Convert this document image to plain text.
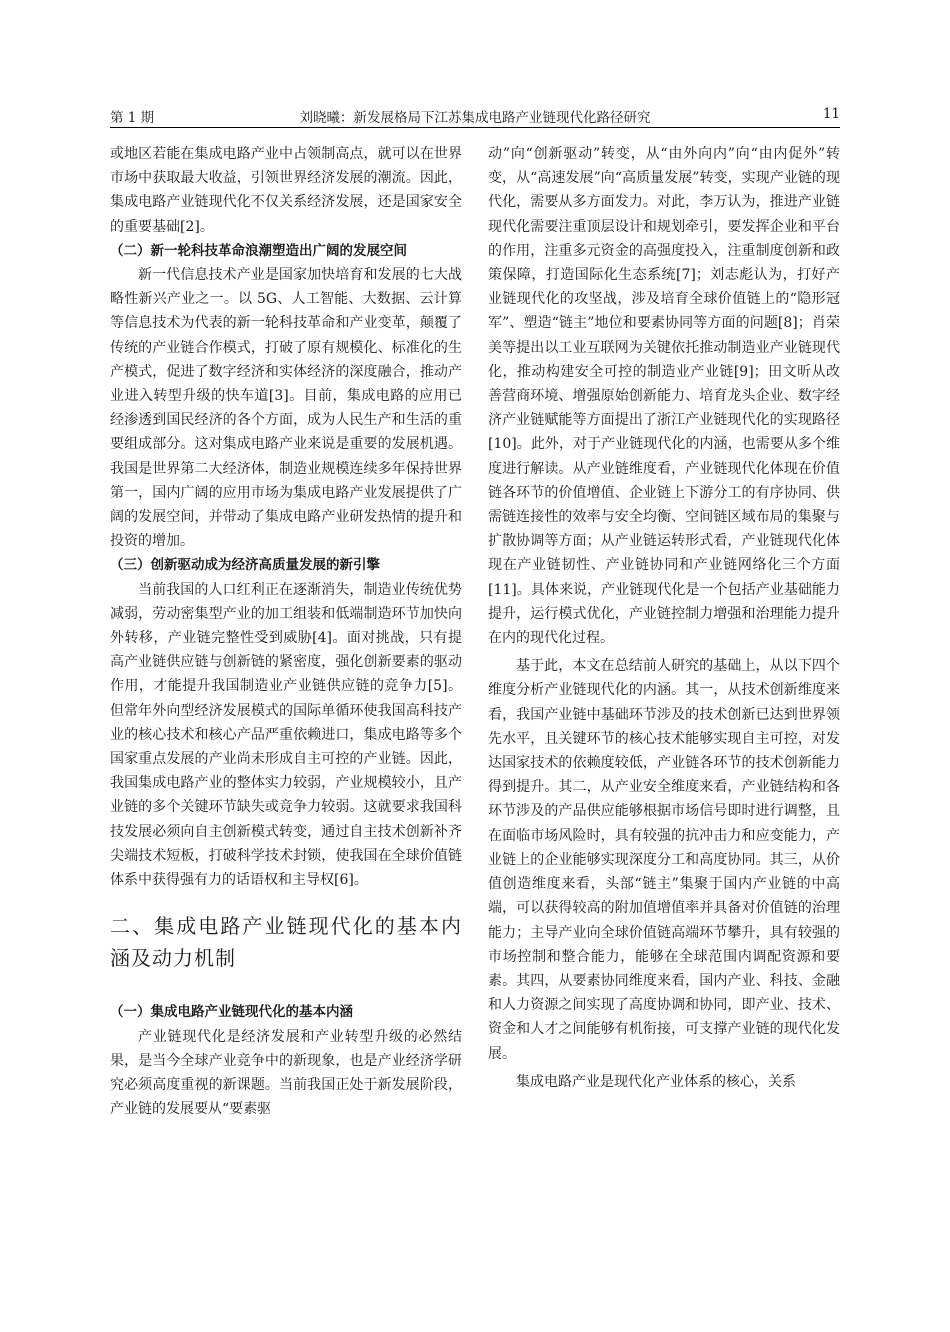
第 1 期	刘晓曦：新发展格局下江苏集成电路产业链现代化路径研究	11

或地区若能在集成电路产业中占领制高点，就可以在世界市场中获取最大收益，引领世界经济发展的潮流。因此，集成电路产业链现代化不仅关系经济发展，还是国家安全的重要基础[2]。

（二）新一轮科技革命浪潮塑造出广阔的发展空间

新一代信息技术产业是国家加快培育和发展的七大战略性新兴产业之一。以 5G、人工智能、大数据、云计算等信息技术为代表的新一轮科技革命和产业变革，颠覆了传统的产业链合作模式，打破了原有规模化、标准化的生产模式，促进了数字经济和实体经济的深度融合，推动产业进入转型升级的快车道[3]。目前，集成电路的应用已经渗透到国民经济的各个方面，成为人民生产和生活的重要组成部分。这对集成电路产业来说是重要的发展机遇。我国是世界第二大经济体，制造业规模连续多年保持世界第一，国内广阔的应用市场为集成电路产业发展提供了广阔的发展空间，并带动了集成电路产业研发热情的提升和投资的增加。

（三）创新驱动成为经济高质量发展的新引擎

当前我国的人口红利正在逐渐消失，制造业传统优势减弱，劳动密集型产业的加工组装和低端制造环节加快向外转移，产业链完整性受到威胁[4]。面对挑战，只有提高产业链供应链与创新链的紧密度，强化创新要素的驱动作用，才能提升我国制造业产业链供应链的竞争力[5]。但常年外向型经济发展模式的国际单循环使我国高科技产业的核心技术和核心产品严重依赖进口，集成电路等多个国家重点发展的产业尚未形成自主可控的产业链。因此，我国集成电路产业的整体实力较弱，产业规模较小，且产业链的多个关键环节缺失或竞争力较弱。这就要求我国科技发展必须向自主创新模式转变，通过自主技术创新补齐尖端技术短板，打破科学技术封锁，使我国在全球价值链体系中获得强有力的话语权和主导权[6]。

二、集成电路产业链现代化的基本内涵及动力机制
（一）集成电路产业链现代化的基本内涵

产业链现代化是经济发展和产业转型升级的必然结果，是当今全球产业竞争中的新现象，也是产业经济学研究必须高度重视的新课题。当前我国正处于新发展阶段，产业链的发展要从“要素驱

动”向“创新驱动”转变，从“由外向内”向“由内促外”转变，从“高速发展”向“高质量发展”转变，实现产业链的现代化，需要从多方面发力。对此，李万认为，推进产业链现代化需要注重顶层设计和规划牵引，要发挥企业和平台的作用，注重多元资金的高强度投入，注重制度创新和政策保障，打造国际化生态系统[7]；刘志彪认为，打好产业链现代化的攻坚战，涉及培育全球价值链上的“隐形冠军”、塑造“链主”地位和要素协同等方面的问题[8]；肖荣美等提出以工业互联网为关键依托推动制造业产业链现代化，推动构建安全可控的制造业产业链[9]；田文昕从改善营商环境、增强原始创新能力、培育龙头企业、数字经济产业链赋能等方面提出了浙江产业链现代化的实现路径[10]。此外，对于产业链现代化的内涵，也需要从多个维度进行解读。从产业链维度看，产业链现代化体现在价值链各环节的价值增值、企业链上下游分工的有序协同、供需链连接性的效率与安全均衡、空间链区域布局的集聚与扩散协调等方面；从产业链运转形式看，产业链现代化体现在产业链韧性、产业链协同和产业链网络化三个方面[11]。具体来说，产业链现代化是一个包括产业基础能力提升，运行模式优化，产业链控制力增强和治理能力提升在内的现代化过程。

基于此，本文在总结前人研究的基础上，从以下四个维度分析产业链现代化的内涵。其一，从技术创新维度来看，我国产业链中基础环节涉及的技术创新已达到世界领先水平，且关键环节的核心技术能够实现自主可控，对发达国家技术的依赖度较低，产业链各环节的技术创新能力得到提升。其二，从产业安全维度来看，产业链结构和各环节涉及的产品供应能够根据市场信号即时进行调整，且在面临市场风险时，具有较强的抗冲击力和应变能力，产业链上的企业能够实现深度分工和高度协同。其三，从价值创造维度来看，头部“链主”集聚于国内产业链的中高端，可以获得较高的附加值增值率并具备对价值链的治理能力；主导产业向全球价值链高端环节攀升，具有较强的市场控制和整合能力，能够在全球范围内调配资源和要素。其四，从要素协同维度来看，国内产业、科技、金融和人力资源之间实现了高度协调和协同，即产业、技术、资金和人才之间能够有机衔接，可支撑产业链的现代化发展。

集成电路产业是现代化产业体系的核心，关系
